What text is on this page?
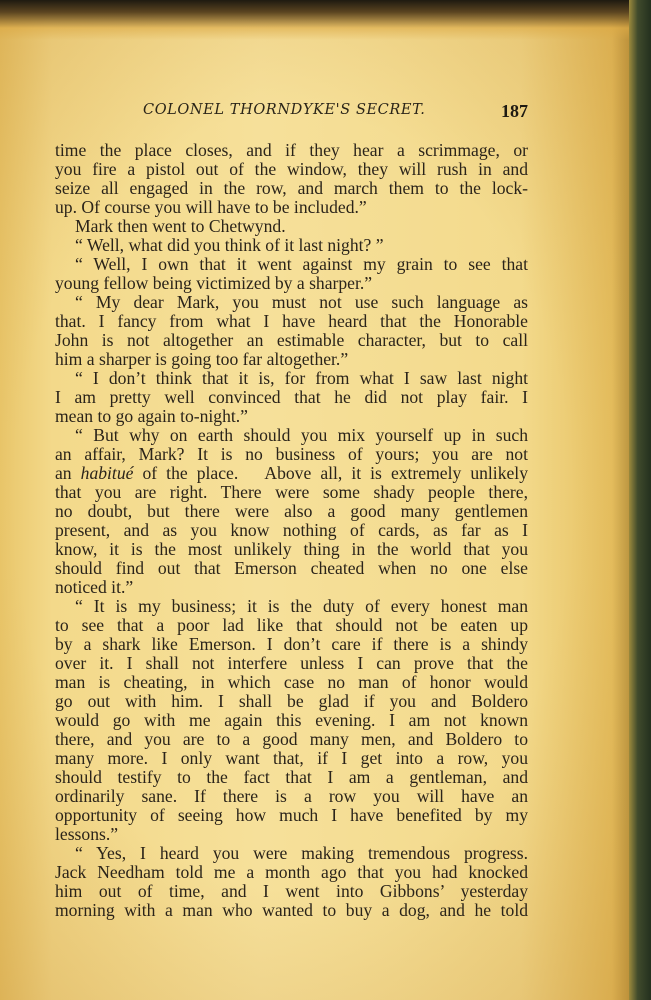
COLONEL THORNDYKE'S SECRET.	187
time the place closes, and if they hear a scrimmage, or
you fire a pistol out of the window, they will rush in and
seize all engaged in the row, and march them to the lock-
up. Of course you will have to be included.”
Mark then went to Chetwynd.
“ Well, what did you think of it last night? ”
“ Well, I own that it went against my grain to see that
young fellow being victimized by a sharper.”
“ My dear Mark, you must not use such language as
that. I fancy from what I have heard that the Honorable
John is not altogether an estimable character, but to call
him a sharper is going too far altogether.”
“ I don’t think that it is, for from what I saw last night
I am pretty well convinced that he did not play fair. I
mean to go again to-night.”
“ But why on earth should you mix yourself up in such
an affair, Mark? It is no business of yours; you are not
an habitué of the place.   Above all, it is extremely unlikely
that you are right. There were some shady people there,
no doubt, but there were also a good many gentlemen
present, and as you know nothing of cards, as far as I
know, it is the most unlikely thing in the world that you
should find out that Emerson cheated when no one else
noticed it.”
“ It is my business; it is the duty of every honest man
to see that a poor lad like that should not be eaten up
by a shark like Emerson. I don’t care if there is a shindy
over it. I shall not interfere unless I can prove that the
man is cheating, in which case no man of honor would
go out with him. I shall be glad if you and Boldero
would go with me again this evening. I am not known
there, and you are to a good many men, and Boldero to
many more. I only want that, if I get into a row, you
should testify to the fact that I am a gentleman, and
ordinarily sane. If there is a row you will have an
opportunity of seeing how much I have benefited by my
lessons.”
“ Yes, I heard you were making tremendous progress.
Jack Needham told me a month ago that you had knocked
him out of time, and I went into Gibbons’ yesterday
morning with a man who wanted to buy a dog, and he told
